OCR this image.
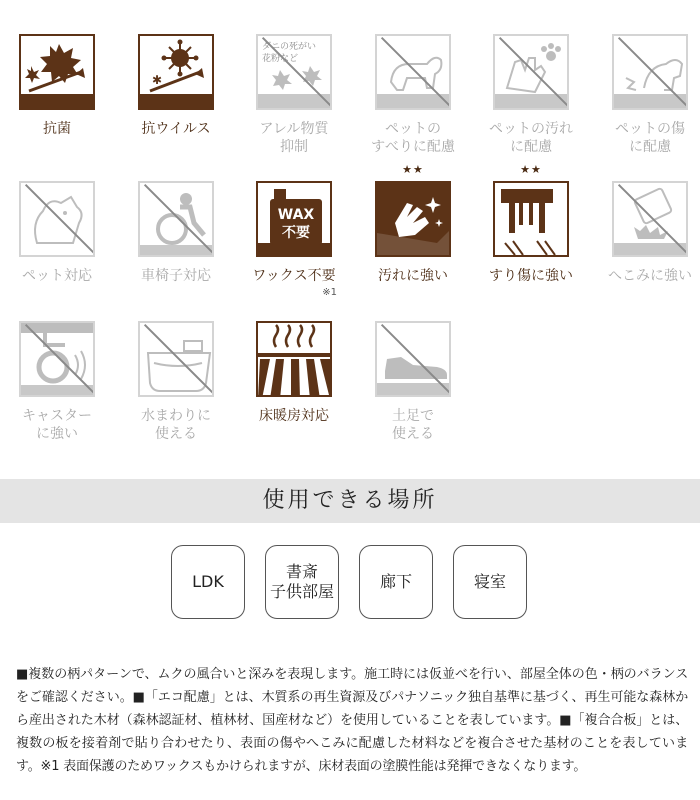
抗菌
✱
抗ウイルス
ダニの死がい
花粉など
アレル物質
抑制
ペットの
すべりに配慮
ペットの汚れ
に配慮
ペットの傷
に配慮
ペット対応	車椅子対応
WAX
不要
ワックス不要
※1
★★
汚れに強い
★★
すり傷に強い	へこみに強い
キャスター
に強い
水まわりに
使える
床暖房対応	土足で
使える
使用できる場所
LDK
書斎
子供部屋
廊下	寝室
■複数の柄パターンで、ムクの風合いと深みを表現します。施工時には仮並べを行い、部屋全体の色・柄のバランスをご確認ください。■「エコ配慮」とは、木質系の再生資源及びパナソニック独自基準に基づく、再生可能な森林から産出された木材（森林認証材、植林材、国産材など）を使用していることを表しています。■「複合合板」とは、複数の板を接着剤で貼り合わせたり、表面の傷やへこみに配慮した材料などを複合させた基材のことを表しています。※1 表面保護のためワックスもかけられますが、床材表面の塗膜性能は発揮できなくなります。
